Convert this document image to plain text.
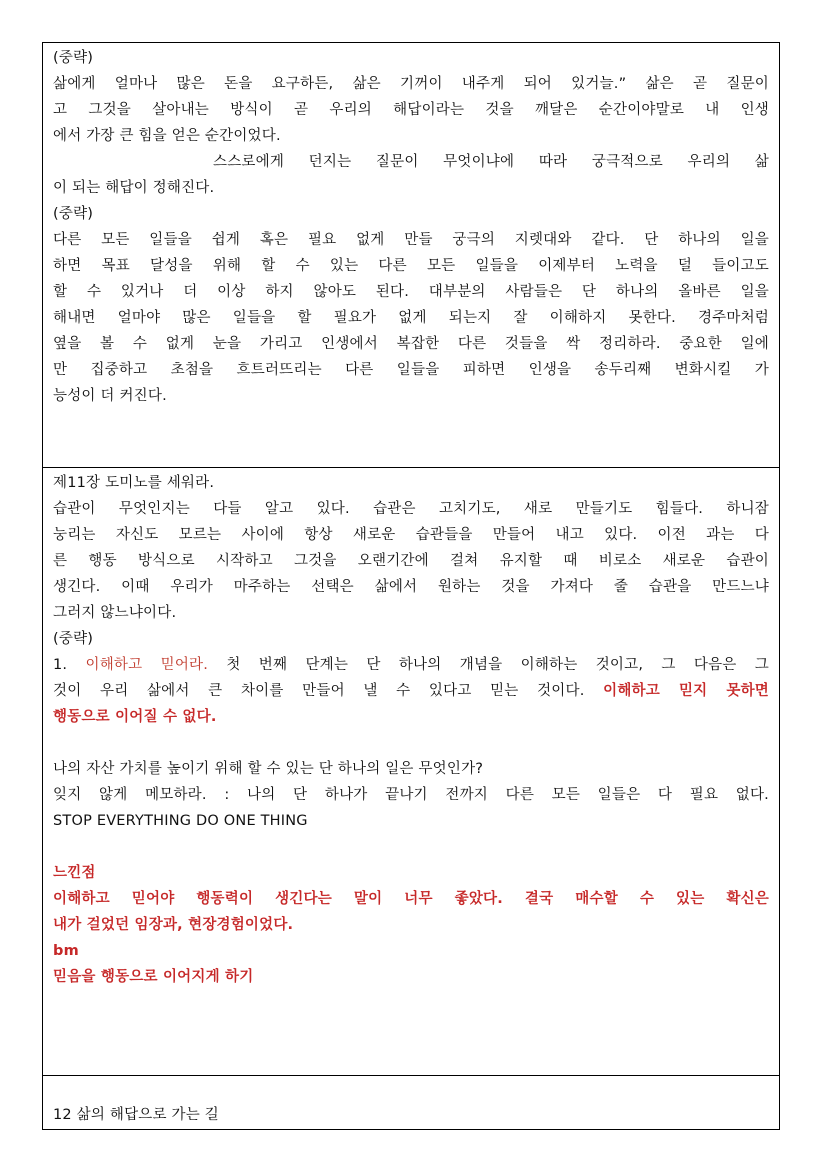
(중략)
삶에게 얼마나 많은 돈을 요구하든, 삶은 기꺼이 내주게 되어 있거늘.” 삶은 곧 질문이
고 그것을 살아내는 방식이 곧 우리의 해답이라는 것을 깨달은 순간이야말로 내 인생
에서 가장 큰 힘을 얻은 순간이었다.
스스로에게 던지는 질문이 무엇이냐에 따라 궁극적으로 우리의 삶
이 되는 해답이 정해진다.
(중략)
다른 모든 일들을 쉽게 혹은 필요 없게 만들 궁극의 지렛대와 같다. 단 하나의 일을
하면 목표 달성을 위해 할 수 있는 다른 모든 일들을 이제부터 노력을 덜 들이고도
할 수 있거나 더 이상 하지 않아도 된다. 대부분의 사람들은 단 하나의 올바른 일을
해내면 얼마야 많은 일들을 할 필요가 없게 되는지 잘 이해하지 못한다. 경주마처럼
옆을 볼 수 없게 눈을 가리고 인생에서 복잡한 다른 것들을 싹 정리하라. 중요한 일에
만 집중하고 초첨을 흐트러뜨리는 다른 일들을 피하면 인생을 송두리째 변화시킬 가
능성이 더 커진다.
제11장 도미노를 세워라.
습관이 무엇인지는 다들 알고 있다. 습관은 고치기도, 새로 만들기도 힘들다. 하니잠
눙리는 자신도 모르는 사이에 항상 새로운 습관들을 만들어 내고 있다. 이전 과는 다
른 행동 방식으로 시작하고 그것을 오랜기간에 걸쳐 유지할 때 비로소 새로운 습관이
생긴다. 이때 우리가 마주하는 선택은 삶에서 원하는 것을 가져다 줄 습관을 만드느냐
그러지 않느냐이다.
(중략)
1. 이해하고 믿어라. 첫 번째 단계는 단 하나의 개념을 이해하는 것이고, 그 다음은 그
것이 우리 삶에서 큰 차이를 만들어 낼 수 있다고 믿는 것이다. 이해하고 믿지 못하면
행동으로 이어질 수 없다.
나의 자산 가치를 높이기 위해 할 수 있는 단 하나의 일은 무엇인가?
잊지 않게 메모하라. : 나의 단 하나가 끝나기 전까지 다른 모든 일들은 다 필요 없다.
STOP EVERYTHING DO ONE THING
느낀점
이해하고 믿어야 행동력이 생긴다는 말이 너무 좋았다. 결국 매수할 수 있는 확신은
내가 걸었던 임장과, 현장경험이었다.
bm
믿음을 행동으로 이어지게 하기
12 삶의 해답으로 가는 길
